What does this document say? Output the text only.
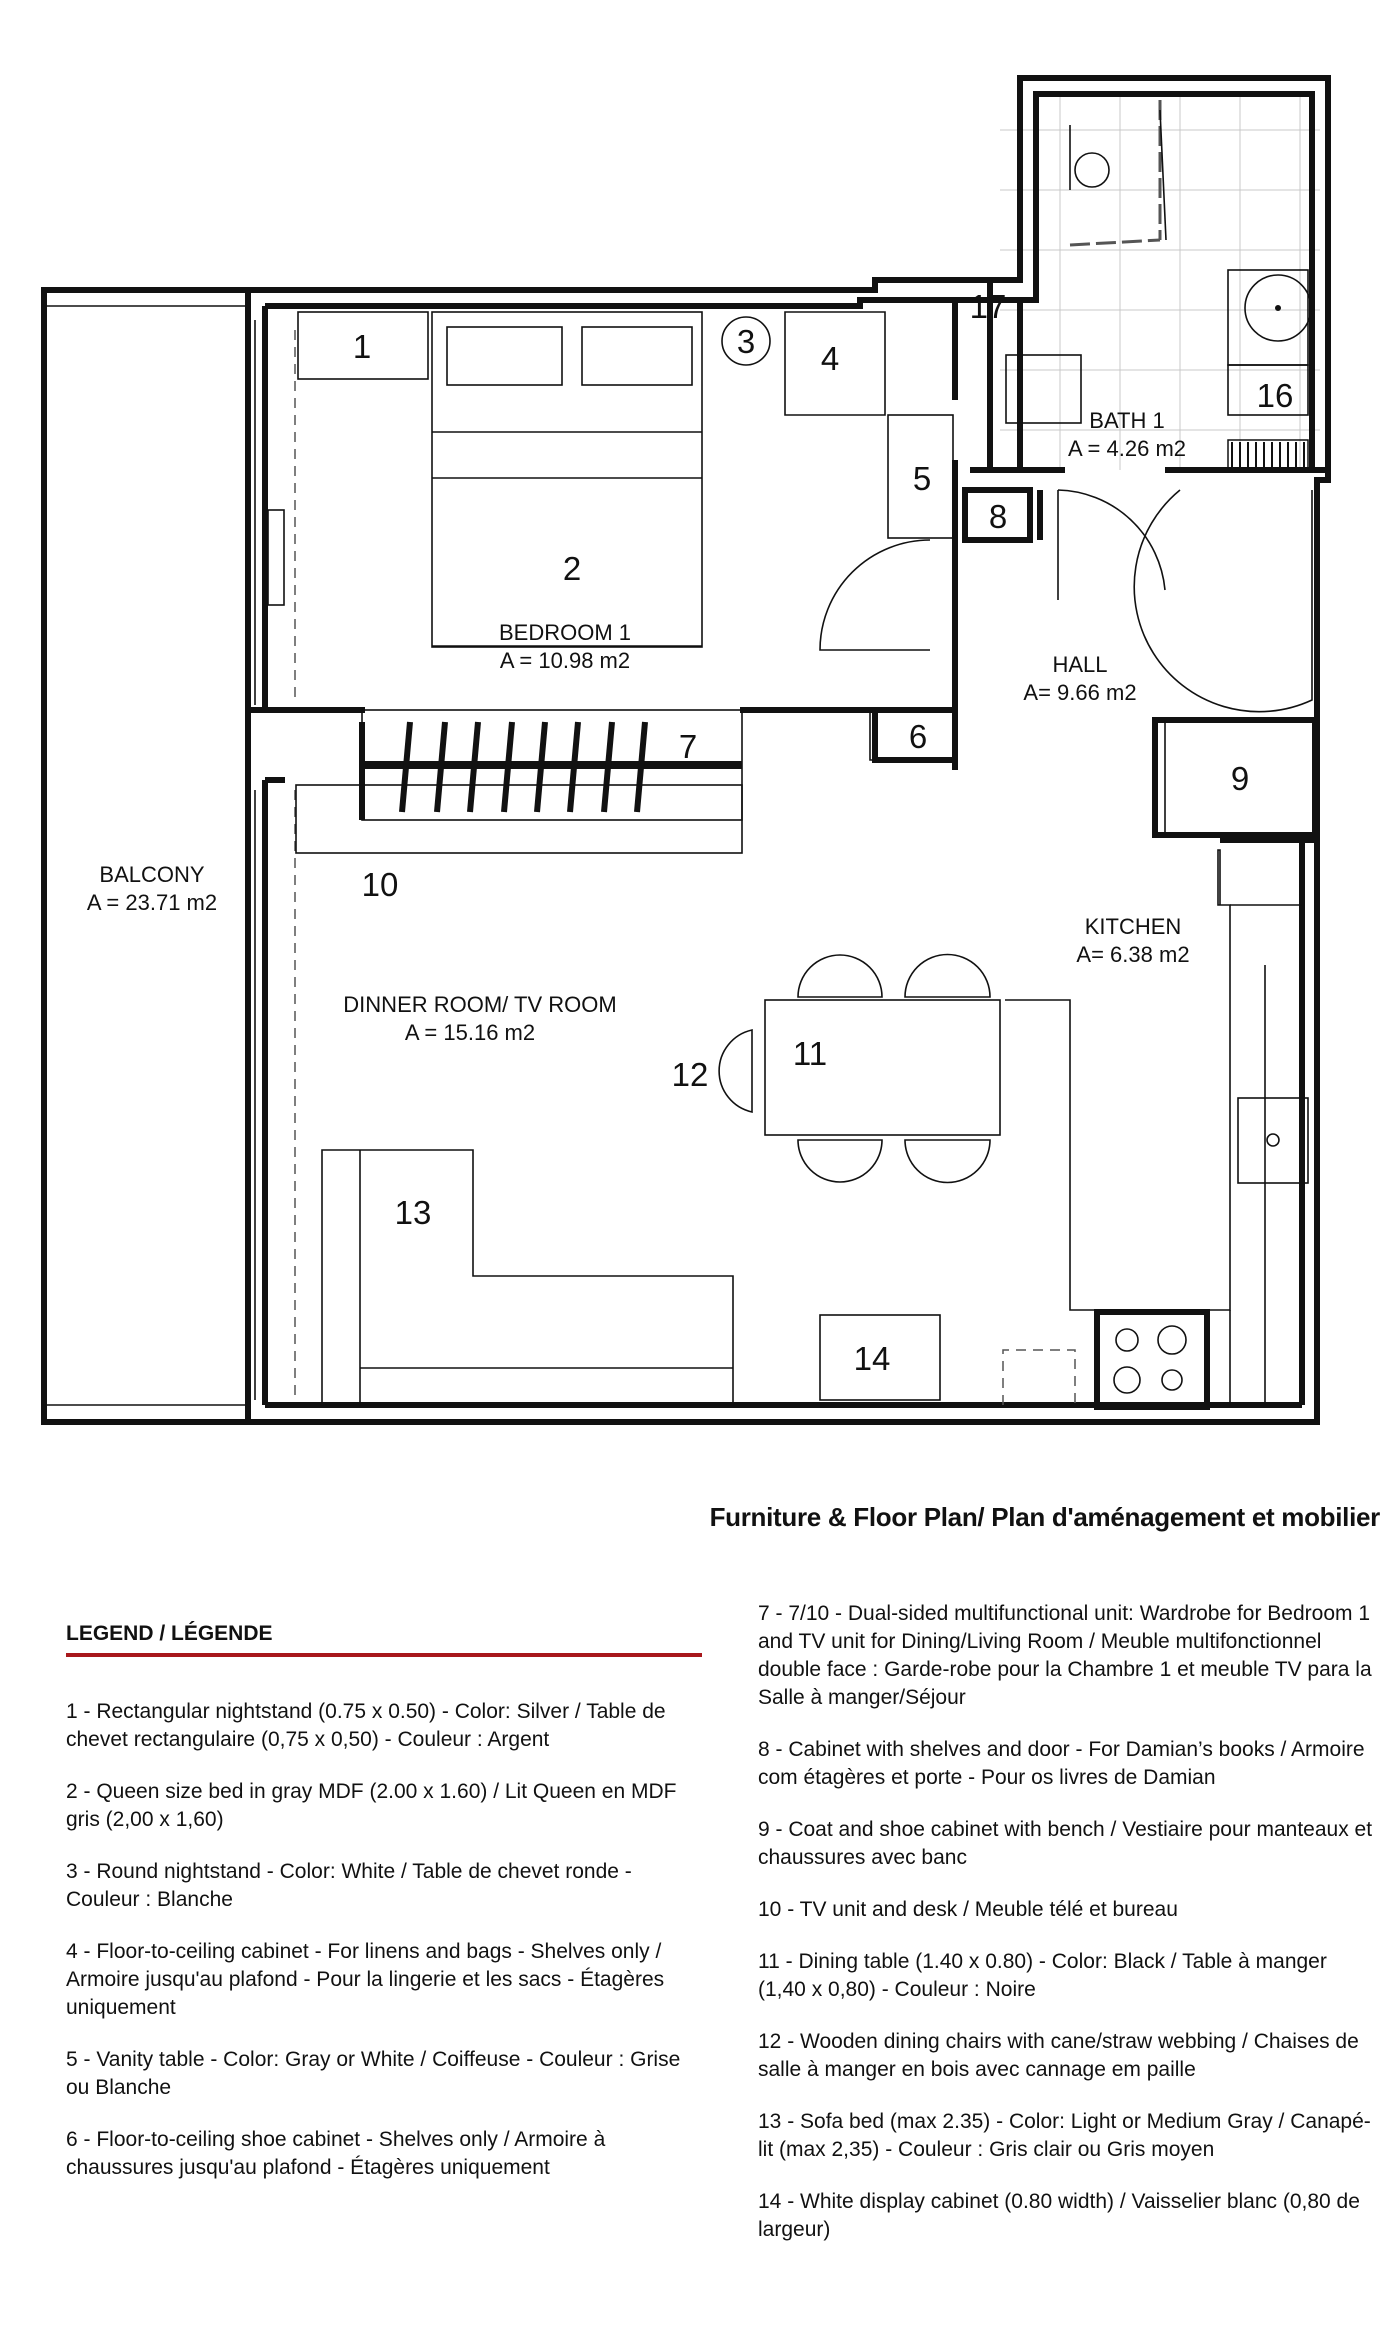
BEDROOM 1
A = 10.98 m2
BATH 1
A = 4.26 m2
HALL
A= 9.66 m2
BALCONY
A = 23.71 m2
KITCHEN
A= 6.38 m2
DINNER ROOM/ TV ROOM
A = 15.16 m2
1
2
3 4
5
6
7
8
9
10
11
12
13
14
16
17
Furniture & Floor Plan/ Plan d'aménagement et mobilier
LEGEND / LÉGENDE
1 - Rectangular nightstand (0.75 x 0.50) - Color: Silver / Table de chevet rectangulaire (0,75 x 0,50) - Couleur : Argent
2 - Queen size bed in gray MDF (2.00 x 1.60) / Lit Queen en MDF gris (2,00 x 1,60)
3 - Round nightstand - Color: White / Table de chevet ronde - Couleur : Blanche
4 - Floor-to-ceiling cabinet - For linens and bags - Shelves only / Armoire jusqu'au plafond - Pour la lingerie et les sacs - Étagères uniquement
5 - Vanity table - Color: Gray or White / Coiffeuse - Couleur : Grise ou Blanche
6 - Floor-to-ceiling shoe cabinet - Shelves only / Armoire à chaussures jusqu'au plafond - Étagères uniquement
7 - 7/10 - Dual-sided multifunctional unit: Wardrobe for Bedroom 1 and TV unit for Dining/Living Room / Meuble multifonctionnel double face : Garde-robe pour la Chambre 1 et meuble TV para la Salle à manger/Séjour
8 - Cabinet with shelves and door - For Damian’s books / Armoire com étagères et porte - Pour os livres de Damian
9 - Coat and shoe cabinet with bench / Vestiaire pour manteaux et chaussures avec banc
10 - TV unit and desk / Meuble télé et bureau
11 - Dining table (1.40 x 0.80) - Color: Black / Table à manger (1,40 x 0,80) - Couleur : Noire
12 - Wooden dining chairs with cane/straw webbing / Chaises de salle à manger en bois avec cannage em paille
13 - Sofa bed (max 2.35) - Color: Light or Medium Gray / Canapé-lit (max 2,35) - Couleur : Gris clair ou Gris moyen
14 - White display cabinet (0.80 width) / Vaisselier blanc (0,80 de largeur)
